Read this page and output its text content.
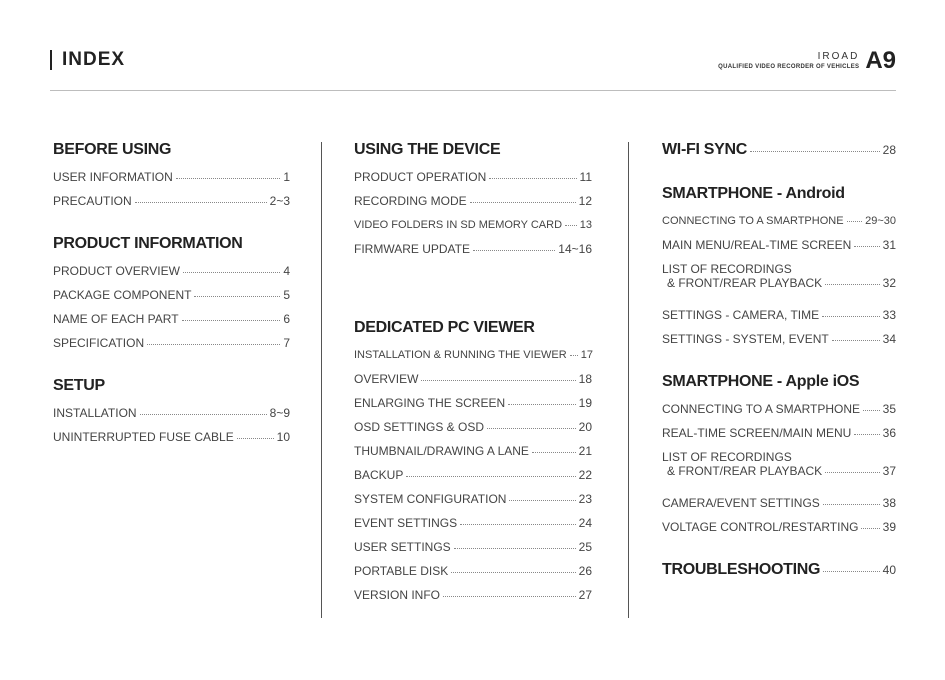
INDEX	IROAD
QUALIFIED VIDEO RECORDER OF VEHICLES A9
BEFORE USING
USER INFORMATION	1
PRECAUTION	2~3
PRODUCT INFORMATION
PRODUCT OVERVIEW	4
PACKAGE COMPONENT	5
NAME OF EACH PART	6
SPECIFICATION	7
SETUP
INSTALLATION	8~9
UNINTERRUPTED FUSE CABLE	10
USING THE DEVICE
PRODUCT OPERATION	11
RECORDING MODE	12
VIDEO FOLDERS IN SD MEMORY CARD 13
FIRMWARE UPDATE	14~16
DEDICATED PC VIEWER
INSTALLATION & RUNNING THE VIEWER 17
OVERVIEW	18
ENLARGING THE SCREEN	19
OSD SETTINGS & OSD	20
THUMBNAIL/DRAWING A LANE	21
BACKUP	22
SYSTEM CONFIGURATION	23
EVENT SETTINGS	24
USER SETTINGS	25
PORTABLE DISK	26
VERSION INFO	27
WI-FI SYNC	28
SMARTPHONE - Android
CONNECTING TO A SMARTPHONE 29~30
MAIN MENU/REAL-TIME SCREEN	31
LIST OF RECORDINGS
& FRONT/REAR PLAYBACK	32
SETTINGS - CAMERA, TIME	33
SETTINGS - SYSTEM, EVENT	34
SMARTPHONE - Apple iOS
CONNECTING TO A SMARTPHONE 35
REAL-TIME SCREEN/MAIN MENU	36
LIST OF RECORDINGS
& FRONT/REAR PLAYBACK	37
CAMERA/EVENT SETTINGS	38
VOLTAGE CONTROL/RESTARTING 39
TROUBLESHOOTING	40
